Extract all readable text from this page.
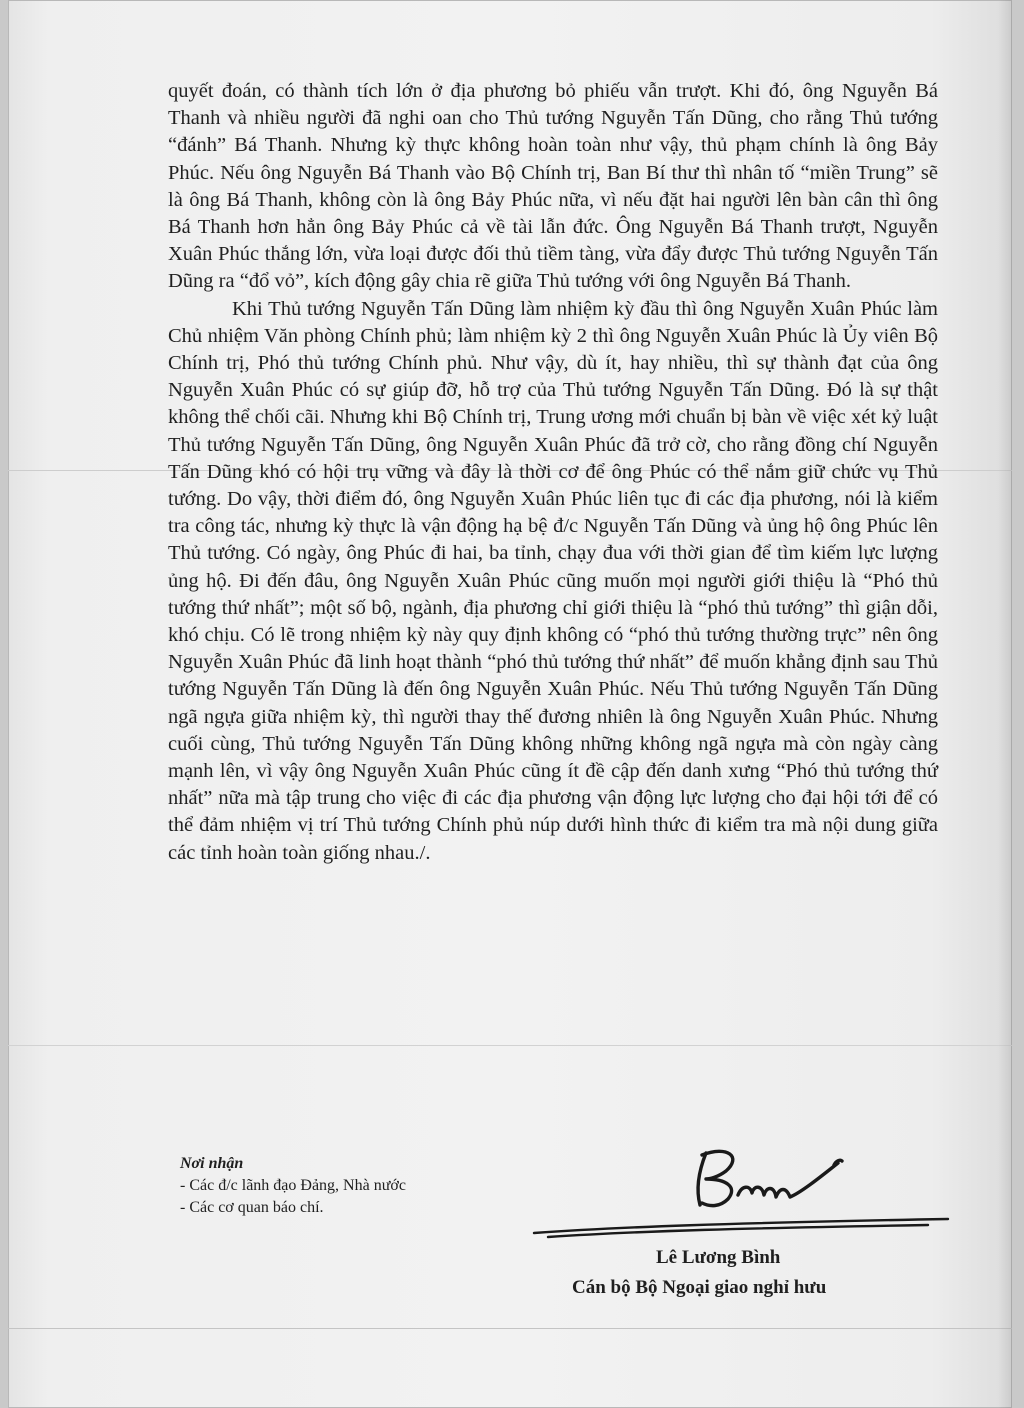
quyết đoán, có thành tích lớn ở địa phương bỏ phiếu vẫn trượt. Khi đó, ông Nguyễn Bá Thanh và nhiều người đã nghi oan cho Thủ tướng Nguyễn Tấn Dũng, cho rằng Thủ tướng “đánh” Bá Thanh. Nhưng kỳ thực không hoàn toàn như vậy, thủ phạm chính là ông Bảy Phúc. Nếu ông Nguyễn Bá Thanh vào Bộ Chính trị, Ban Bí thư thì nhân tố “miền Trung” sẽ là ông Bá Thanh, không còn là ông Bảy Phúc nữa, vì nếu đặt hai người lên bàn cân thì ông Bá Thanh hơn hẳn ông Bảy Phúc cả về tài lẫn đức. Ông Nguyễn Bá Thanh trượt, Nguyễn Xuân Phúc thắng lớn, vừa loại được đối thủ tiềm tàng, vừa đẩy được Thủ tướng Nguyễn Tấn Dũng ra “đổ vỏ”, kích động gây chia rẽ giữa Thủ tướng với ông Nguyễn Bá Thanh.

Khi Thủ tướng Nguyễn Tấn Dũng làm nhiệm kỳ đầu thì ông Nguyễn Xuân Phúc làm Chủ nhiệm Văn phòng Chính phủ; làm nhiệm kỳ 2 thì ông Nguyễn Xuân Phúc là Ủy viên Bộ Chính trị, Phó thủ tướng Chính phủ. Như vậy, dù ít, hay nhiều, thì sự thành đạt của ông Nguyễn Xuân Phúc có sự giúp đỡ, hỗ trợ của Thủ tướng Nguyễn Tấn Dũng. Đó là sự thật không thể chối cãi. Nhưng khi Bộ Chính trị, Trung ương mới chuẩn bị bàn về việc xét kỷ luật Thủ tướng Nguyễn Tấn Dũng, ông Nguyễn Xuân Phúc đã trở cờ, cho rằng đồng chí Nguyễn Tấn Dũng khó có hội trụ vững và đây là thời cơ để ông Phúc có thể nắm giữ chức vụ Thủ tướng. Do vậy, thời điểm đó, ông Nguyễn Xuân Phúc liên tục đi các địa phương, nói là kiểm tra công tác, nhưng kỳ thực là vận động hạ bệ đ/c Nguyễn Tấn Dũng và ủng hộ ông Phúc lên Thủ tướng. Có ngày, ông Phúc đi hai, ba tỉnh, chạy đua với thời gian để tìm kiếm lực lượng ủng hộ. Đi đến đâu, ông Nguyễn Xuân Phúc cũng muốn mọi người giới thiệu là “Phó thủ tướng thứ nhất”; một số bộ, ngành, địa phương chỉ giới thiệu là “phó thủ tướng” thì giận dỗi, khó chịu. Có lẽ trong nhiệm kỳ này quy định không có “phó thủ tướng thường trực” nên ông Nguyễn Xuân Phúc đã linh hoạt thành “phó thủ tướng thứ nhất” để muốn khẳng định sau Thủ tướng Nguyễn Tấn Dũng là đến ông Nguyễn Xuân Phúc. Nếu Thủ tướng Nguyễn Tấn Dũng ngã ngựa giữa nhiệm kỳ, thì người thay thế đương nhiên là ông Nguyễn Xuân Phúc. Nhưng cuối cùng, Thủ tướng Nguyễn Tấn Dũng không những không ngã ngựa mà còn ngày càng mạnh lên, vì vậy ông Nguyễn Xuân Phúc cũng ít đề cập đến danh xưng “Phó thủ tướng thứ nhất” nữa mà tập trung cho việc đi các địa phương vận động lực lượng cho đại hội tới để có thể đảm nhiệm vị trí Thủ tướng Chính phủ núp dưới hình thức đi kiểm tra mà nội dung giữa các tỉnh hoàn toàn giống nhau./.

Nơi nhận
- Các đ/c lãnh đạo Đảng, Nhà nước
- Các cơ quan báo chí.
Lê Lương Bình
Cán bộ Bộ Ngoại giao nghỉ hưu
